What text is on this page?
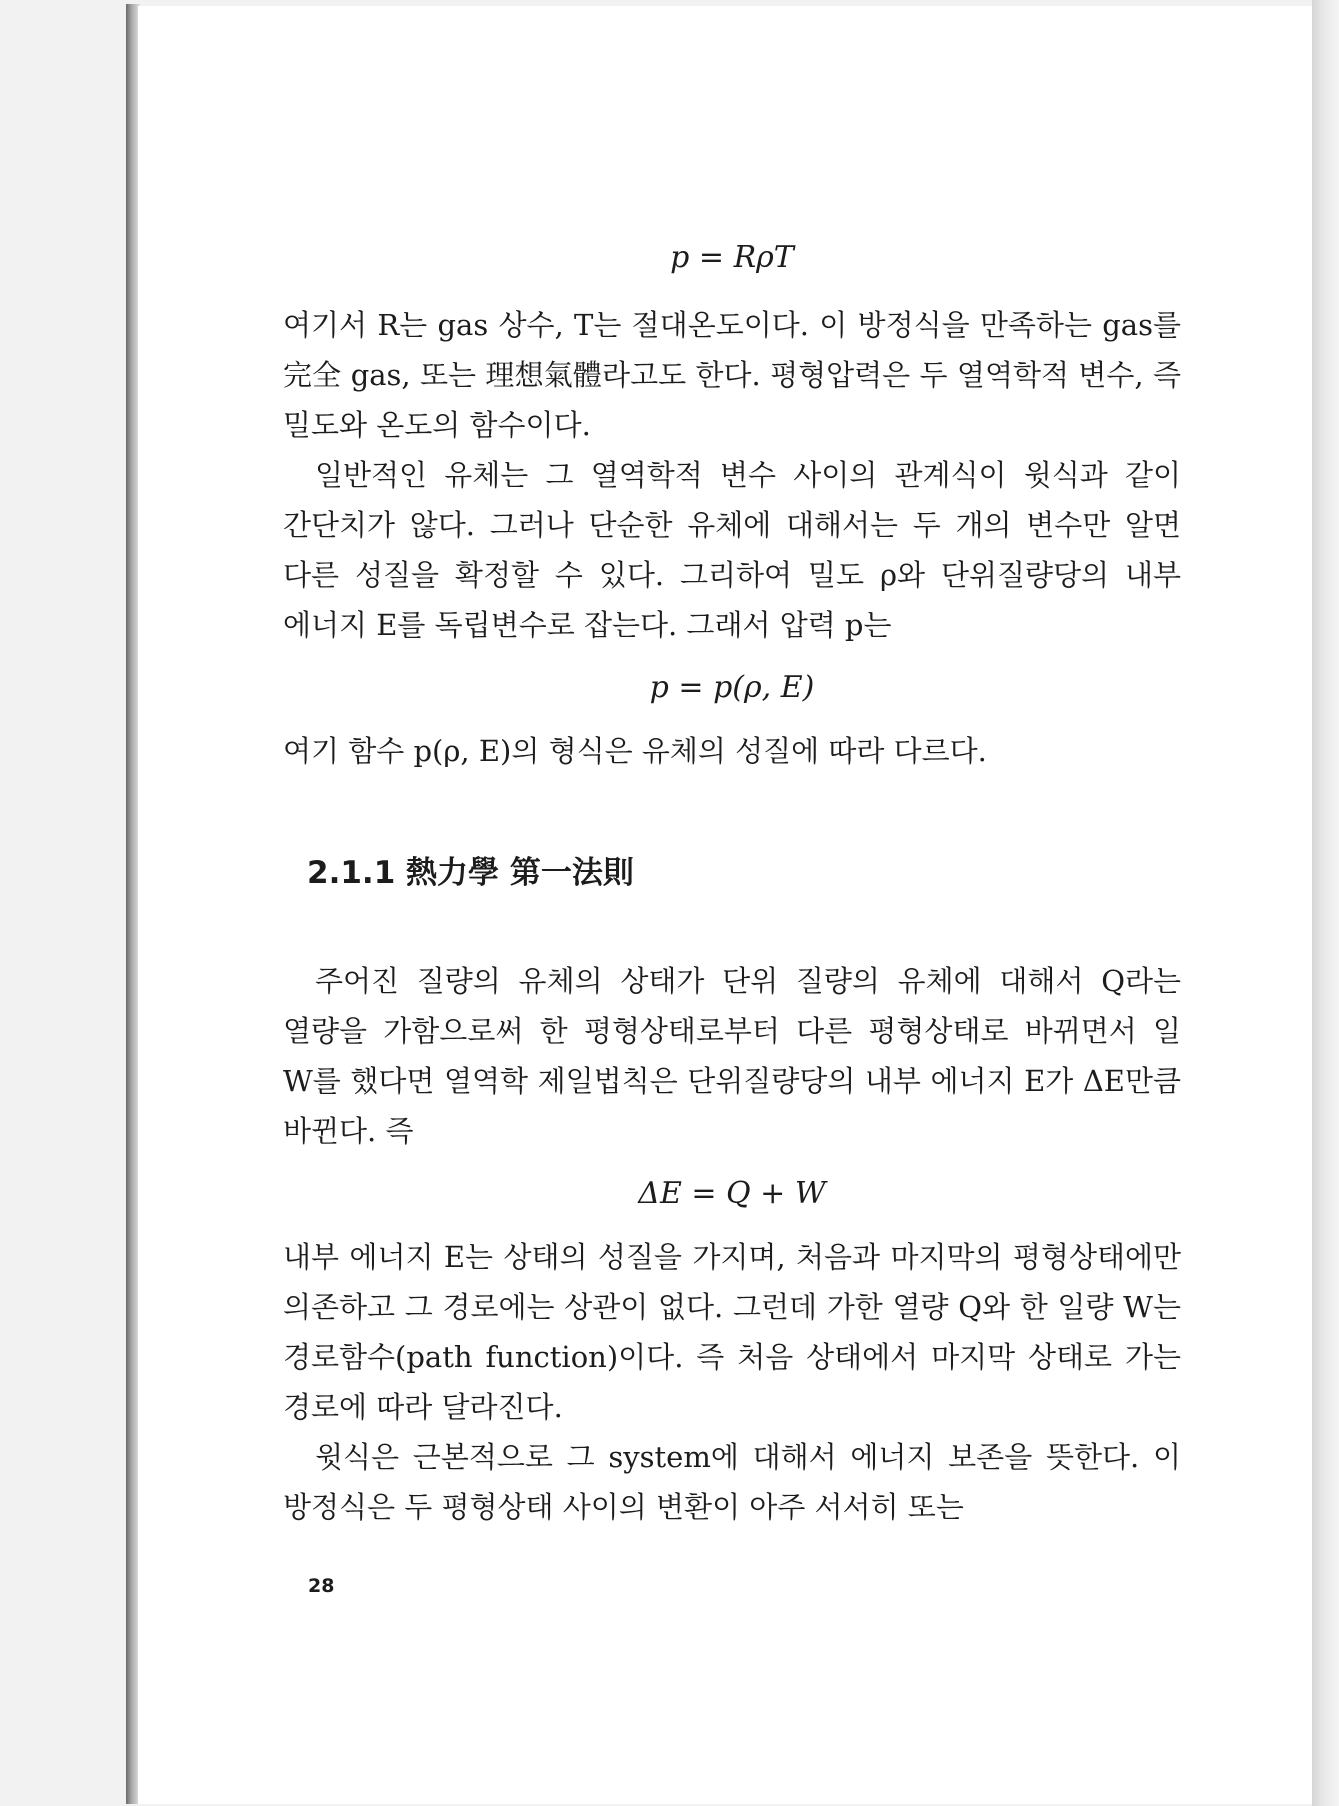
p = RρT

여기서 R는 gas 상수, T는 절대온도이다. 이 방정식을 만족하는 gas를 完全 gas, 또는 理想氣體라고도 한다. 평형압력은 두 열역학적 변수, 즉 밀도와 온도의 함수이다.

일반적인 유체는 그 열역학적 변수 사이의 관계식이 윗식과 같이 간단치가 않다. 그러나 단순한 유체에 대해서는 두 개의 변수만 알면 다른 성질을 확정할 수 있다. 그리하여 밀도 ρ와 단위질량당의 내부 에너지 E를 독립변수로 잡는다. 그래서 압력 p는

p = p(ρ, E)

여기 함수 p(ρ, E)의 형식은 유체의 성질에 따라 다르다.

2.1.1 熱力學 第一法則

주어진 질량의 유체의 상태가 단위 질량의 유체에 대해서 Q라는 열량을 가함으로써 한 평형상태로부터 다른 평형상태로 바뀌면서 일 W를 했다면 열역학 제일법칙은 단위질량당의 내부 에너지 E가 ΔE만큼 바뀐다. 즉

ΔE = Q + W

내부 에너지 E는 상태의 성질을 가지며, 처음과 마지막의 평형상태에만 의존하고 그 경로에는 상관이 없다. 그런데 가한 열량 Q와 한 일량 W는 경로함수(path function)이다. 즉 처음 상태에서 마지막 상태로 가는 경로에 따라 달라진다.

윗식은 근본적으로 그 system에 대해서 에너지 보존을 뜻한다. 이 방정식은 두 평형상태 사이의 변환이 아주 서서히 또는

28
